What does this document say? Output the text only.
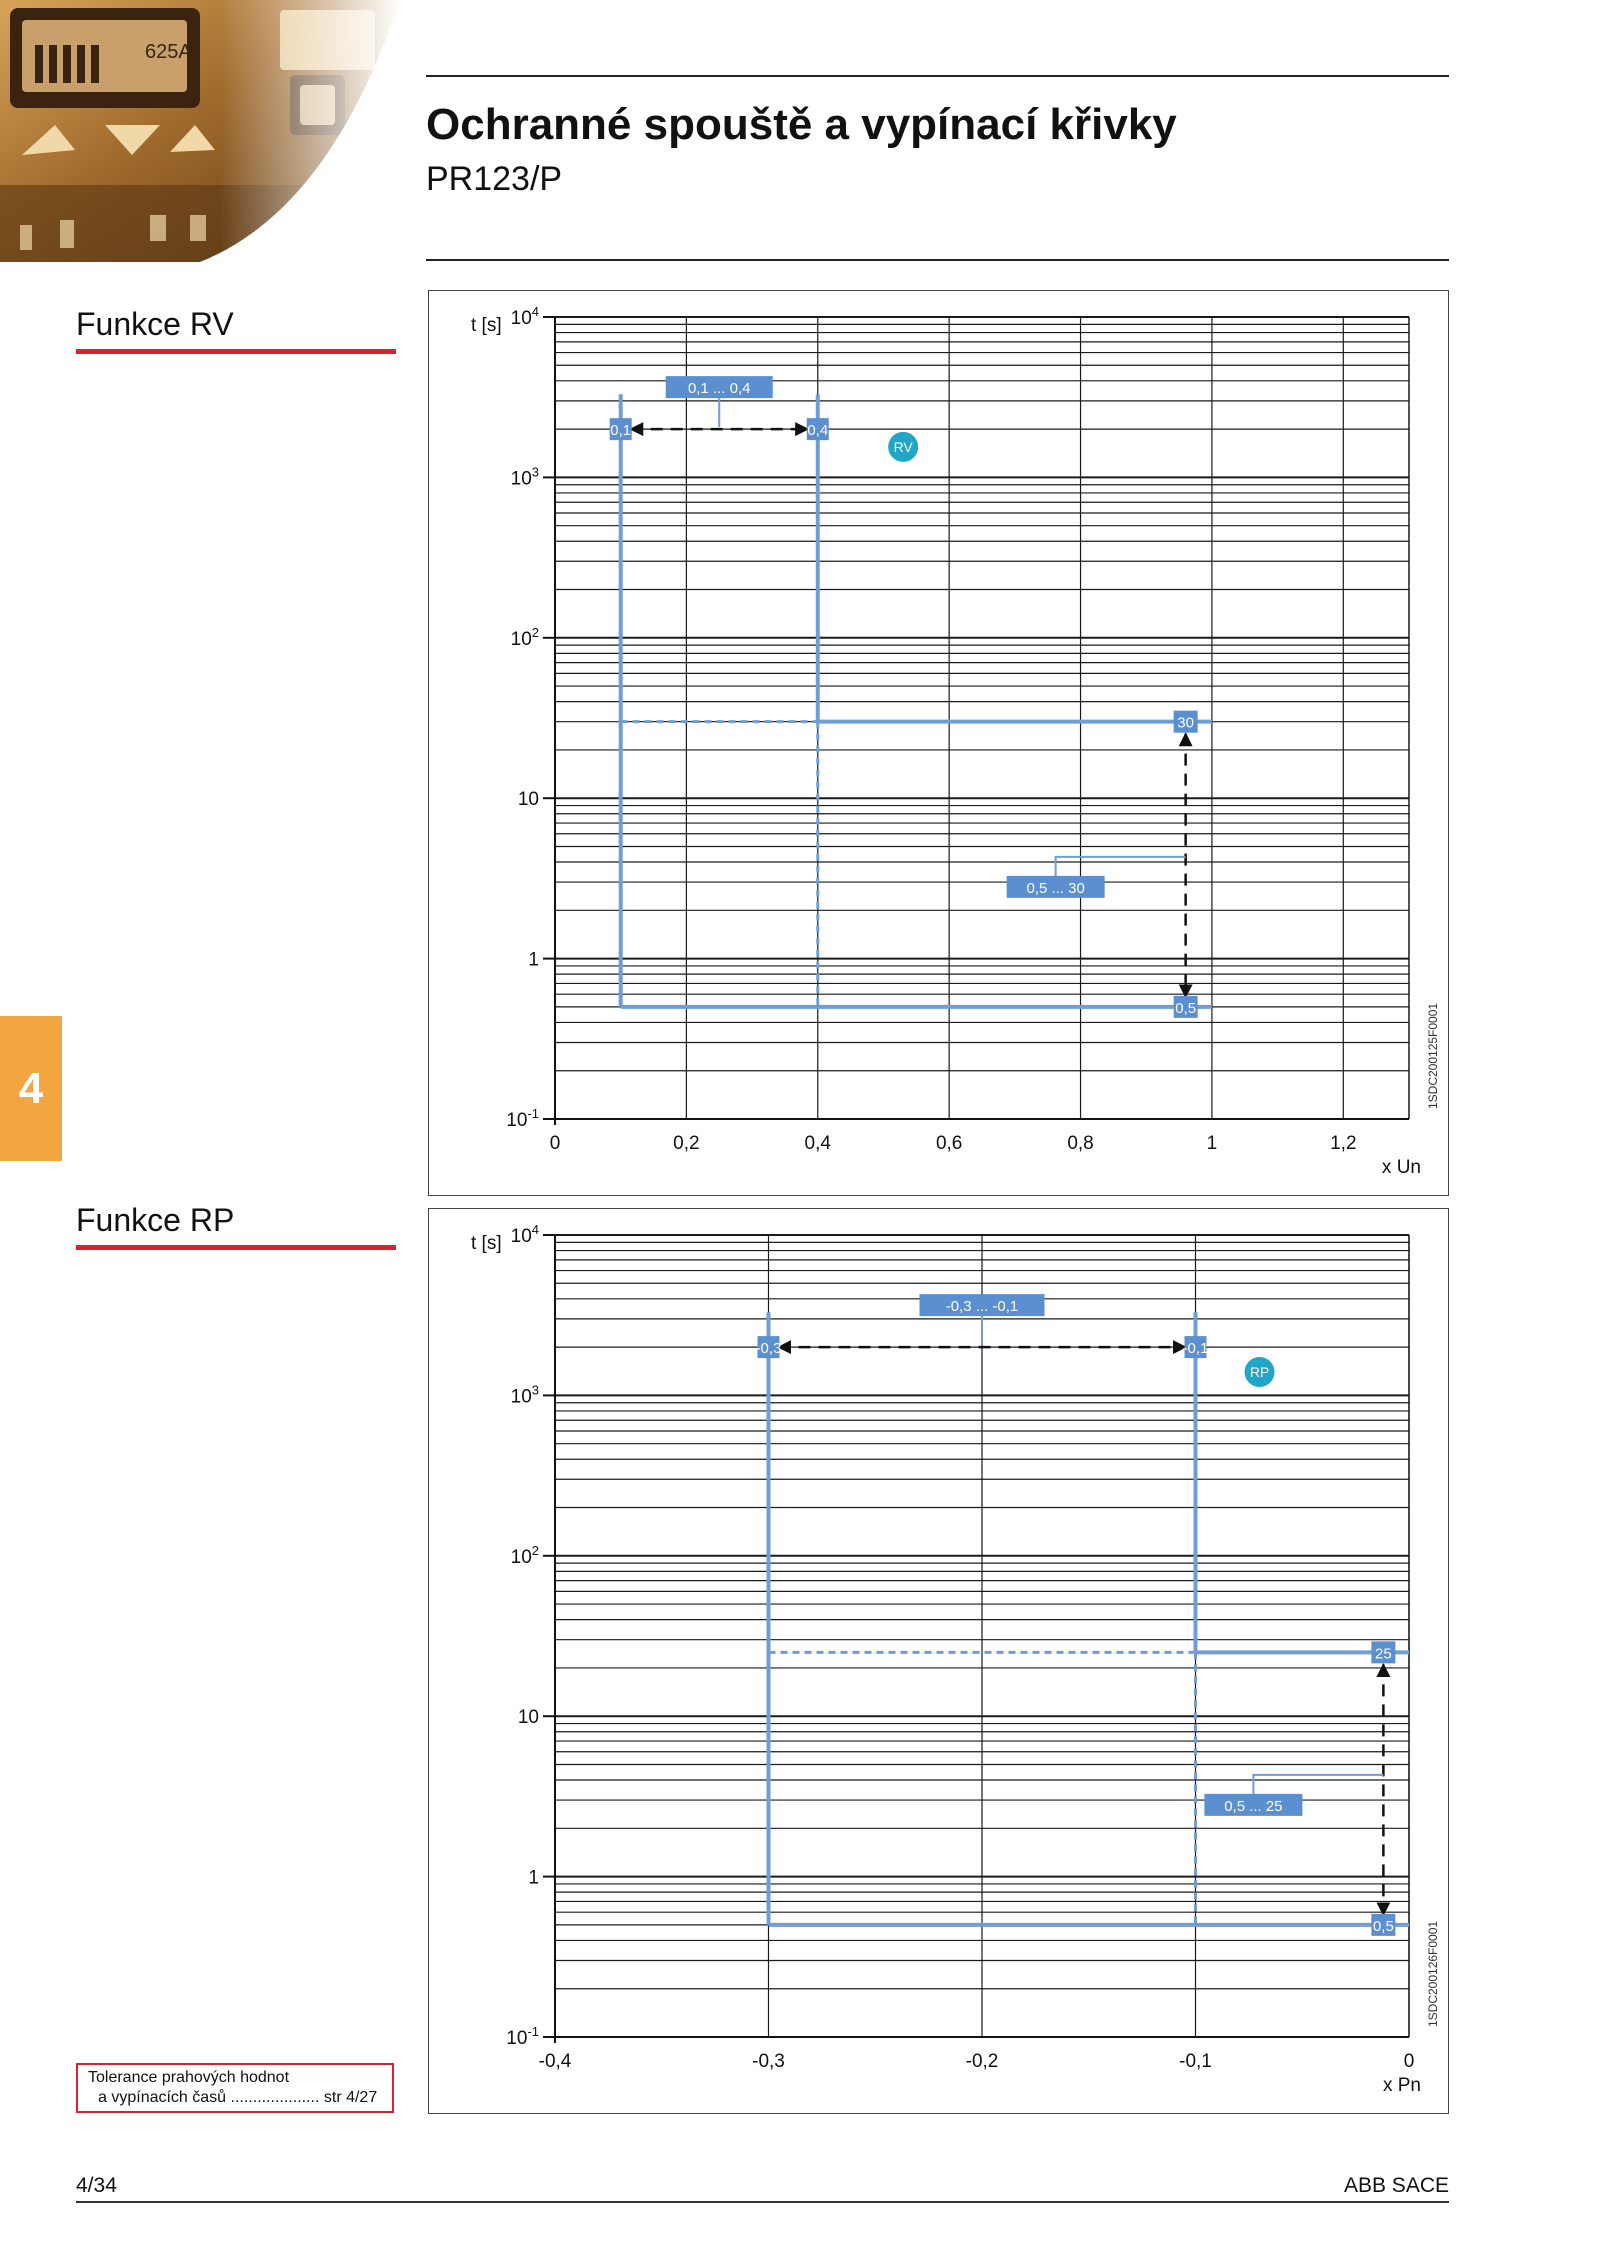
Ochranné spouště a vypínací křivky
PR123/P
Funkce RV
Funkce RP
4
t [s] $10^4$
$10^3$
$10^2$
10
1
$10^{-1}$
0	0,2	0,4	0,6	0,8	1	1,2
x Un
0,1 ... 0,4
0,1	0,4
30
0,5
0,5 ... 30
RV
1SDC200125F0001
t [s] $10^4$
$10^3$
$10^2$
10
1
$10^{-1}$
-0,4	-0,3	-0,2	-0,1	0
x Pn
-0,3 ... -0,1
-0,3	-0,1
25
0,5
0,5 ... 25
RP
1SDC200126F0001
Tolerance prahových hodnot
a vypínacích časů .................... str 4/27
4/34	ABB SACE
